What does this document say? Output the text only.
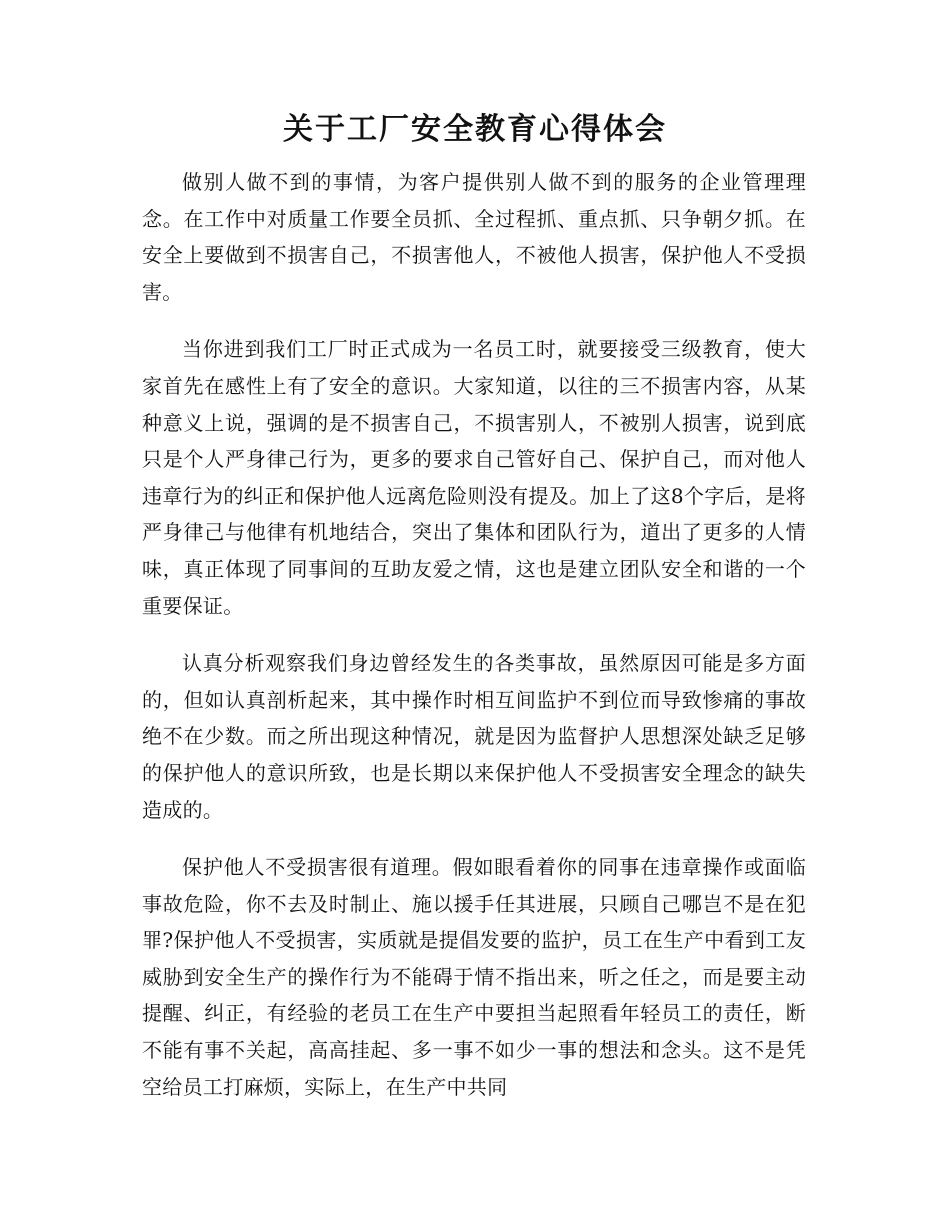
关于工厂安全教育心得体会

做别人做不到的事情，为客户提供别人做不到的服务的企业管理理念。在工作中对质量工作要全员抓、全过程抓、重点抓、只争朝夕抓。在安全上要做到不损害自己，不损害他人，不被他人损害，保护他人不受损害。

当你进到我们工厂时正式成为一名员工时，就要接受三级教育，使大家首先在感性上有了安全的意识。大家知道，以往的三不损害内容，从某种意义上说，强调的是不损害自己，不损害别人，不被别人损害，说到底只是个人严身律己行为，更多的要求自己管好自己、保护自己，而对他人违章行为的纠正和保护他人远离危险则没有提及。加上了这8个字后，是将严身律己与他律有机地结合，突出了集体和团队行为，道出了更多的人情味，真正体现了同事间的互助友爱之情，这也是建立团队安全和谐的一个重要保证。

认真分析观察我们身边曾经发生的各类事故，虽然原因可能是多方面的，但如认真剖析起来，其中操作时相互间监护不到位而导致惨痛的事故绝不在少数。而之所出现这种情况，就是因为监督护人思想深处缺乏足够的保护他人的意识所致，也是长期以来保护他人不受损害安全理念的缺失造成的。

保护他人不受损害很有道理。假如眼看着你的同事在违章操作或面临事故危险，你不去及时制止、施以援手任其进展，只顾自己哪岂不是在犯罪?保护他人不受损害，实质就是提倡发要的监护，员工在生产中看到工友威胁到安全生产的操作行为不能碍于情不指出来，听之任之，而是要主动提醒、纠正，有经验的老员工在生产中要担当起照看年轻员工的责任，断不能有事不关起，高高挂起、多一事不如少一事的想法和念头。这不是凭空给员工打麻烦，实际上，在生产中共同
